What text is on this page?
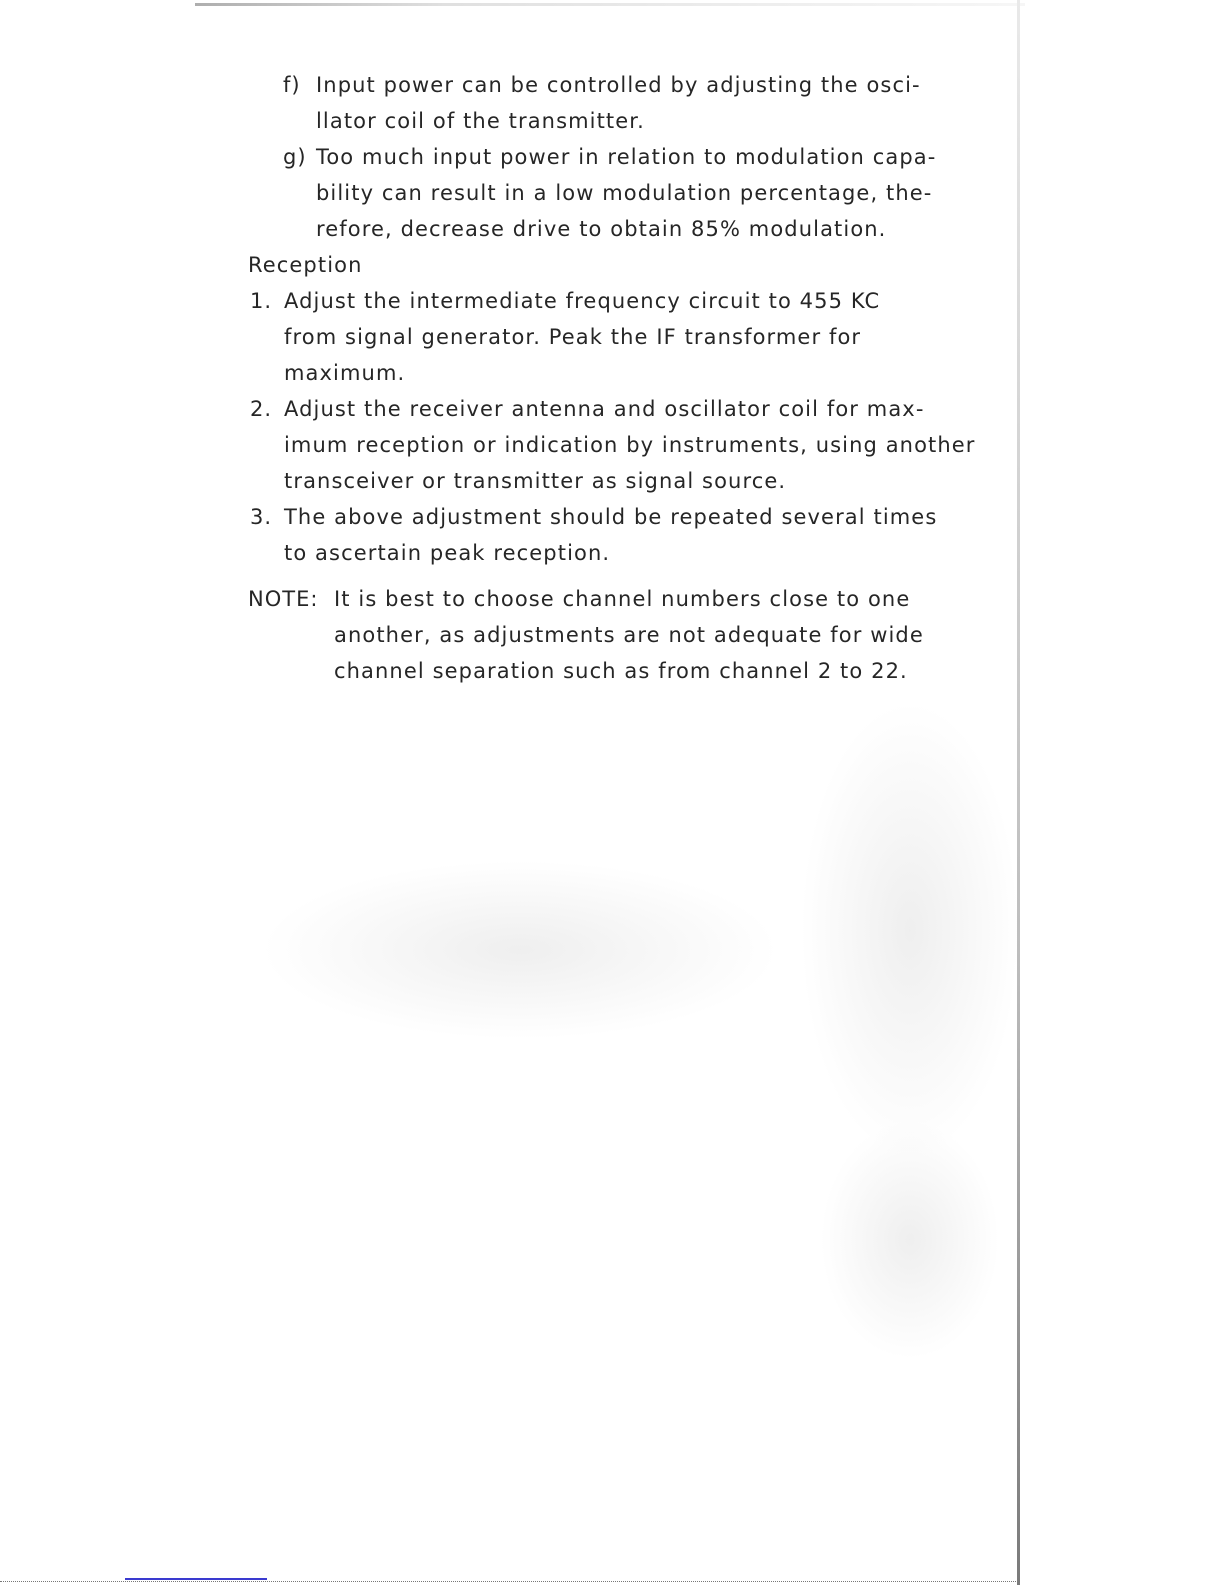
f) Input power can be controlled by adjusting the osci-
llator coil of the transmitter.
g) Too much input power in relation to modulation capa-
bility can result in a low modulation percentage, the-
refore, decrease drive to obtain 85% modulation.
Reception
1. Adjust the intermediate frequency circuit to 455 KC
from signal generator. Peak the IF transformer for
maximum.
2. Adjust the receiver antenna and oscillator coil for max-
imum reception or indication by instruments, using another
transceiver or transmitter as signal source.
3. The above adjustment should be repeated several times
to ascertain peak reception.
NOTE: It is best to choose channel numbers close to one
another, as adjustments are not adequate for wide
channel separation such as from channel 2 to 22.
